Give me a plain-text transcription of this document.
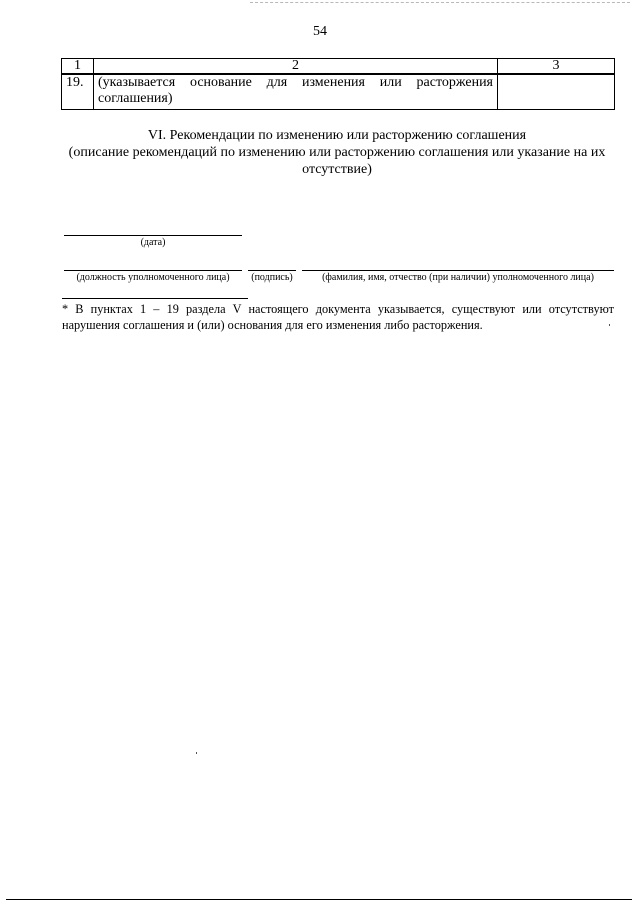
54
1	2	3
19.	(указывается основание для изменения или расторжения соглашения)	

VI. Рекомендации по изменению или расторжению соглашения
(описание рекомендаций по изменению или расторжению соглашения или указание на их
отсутствие)
(дата)
(должность уполномоченного лица)	(подпись)	(фамилия, имя, отчество (при наличии) уполномоченного лица)
* В пунктах 1 – 19 раздела V настоящего документа указывается, существуют или отсутствуют нарушения соглашения и (или) основания для его изменения либо расторжения.
